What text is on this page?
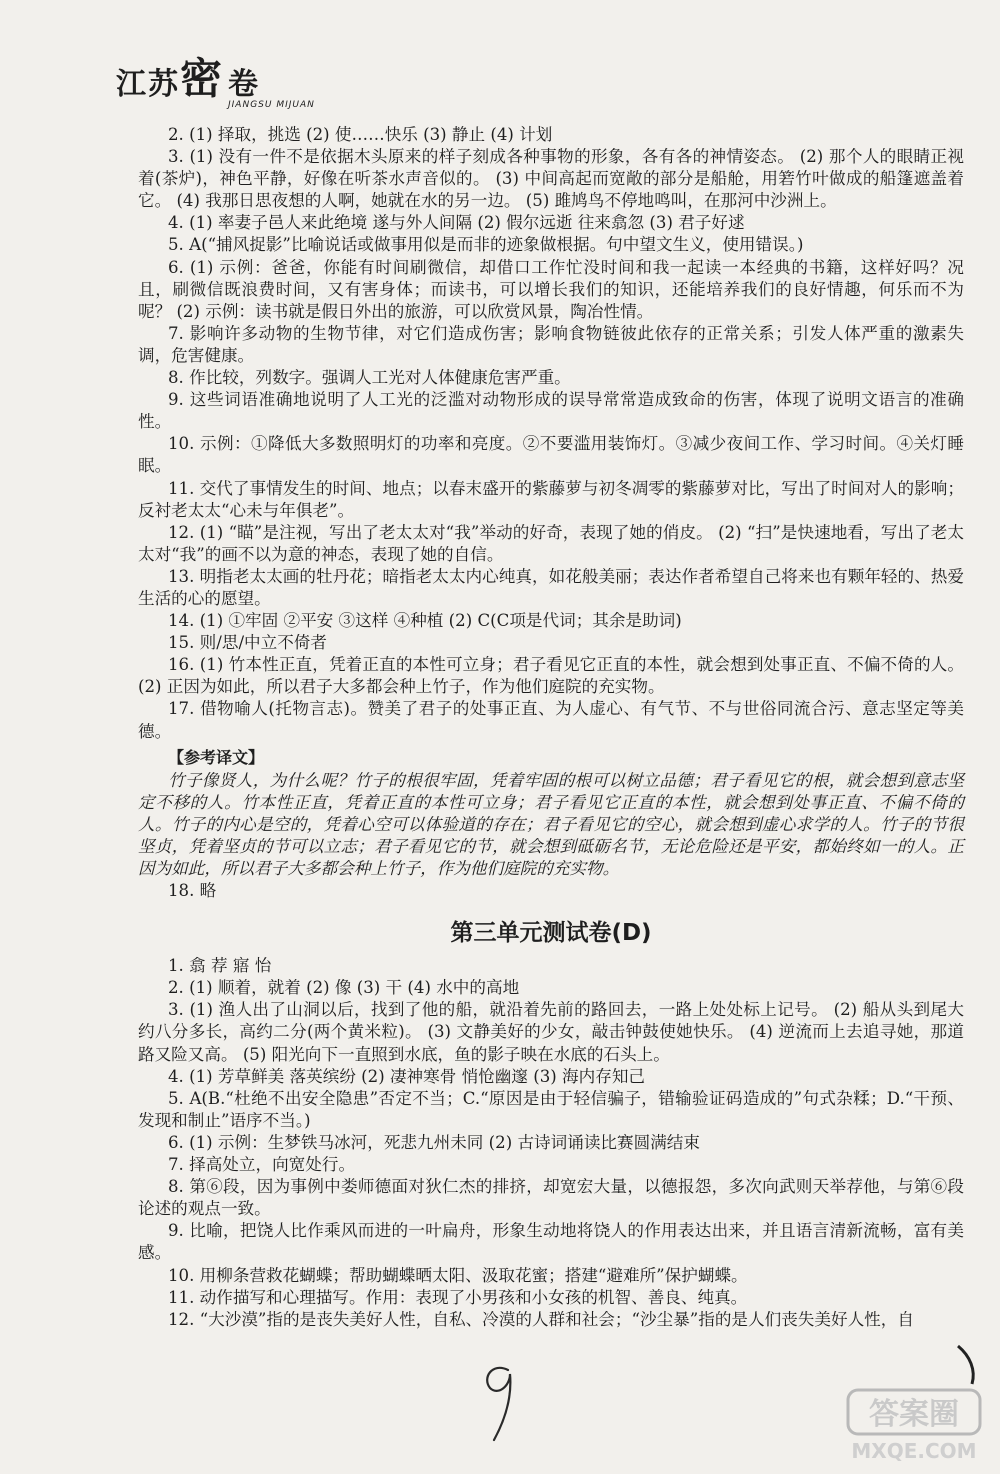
江苏 密 卷
JIANGSU MIJUAN

2. (1) 择取，挑选 (2) 使……快乐 (3) 静止 (4) 计划

3. (1) 没有一件不是依据木头原来的样子刻成各种事物的形象，各有各的神情姿态。 (2) 那个人的眼睛正视着(茶炉)，神色平静，好像在听茶水声音似的。 (3) 中间高起而宽敞的部分是船舱，用箬竹叶做成的船篷遮盖着它。 (4) 我那日思夜想的人啊，她就在水的另一边。 (5) 雎鸠鸟不停地鸣叫，在那河中沙洲上。

4. (1) 率妻子邑人来此绝境 遂与外人间隔 (2) 假尔远逝 往来翕忽 (3) 君子好逑

5. A(“捕风捉影”比喻说话或做事用似是而非的迹象做根据。句中望文生义，使用错误。)

6. (1) 示例：爸爸，你能有时间刷微信，却借口工作忙没时间和我一起读一本经典的书籍，这样好吗？况且，刷微信既浪费时间，又有害身体；而读书，可以增长我们的知识，还能培养我们的良好情趣，何乐而不为呢？ (2) 示例：读书就是假日外出的旅游，可以欣赏风景，陶冶性情。

7. 影响许多动物的生物节律，对它们造成伤害；影响食物链彼此依存的正常关系；引发人体严重的激素失调，危害健康。

8. 作比较，列数字。强调人工光对人体健康危害严重。

9. 这些词语准确地说明了人工光的泛滥对动物形成的误导常常造成致命的伤害，体现了说明文语言的准确性。

10. 示例：①降低大多数照明灯的功率和亮度。②不要滥用装饰灯。③减少夜间工作、学习时间。④关灯睡眠。

11. 交代了事情发生的时间、地点；以春末盛开的紫藤萝与初冬凋零的紫藤萝对比，写出了时间对人的影响；反衬老太太“心未与年俱老”。

12. (1) “瞄”是注视，写出了老太太对“我”举动的好奇，表现了她的俏皮。 (2) “扫”是快速地看，写出了老太太对“我”的画不以为意的神态，表现了她的自信。

13. 明指老太太画的牡丹花；暗指老太太内心纯真，如花般美丽；表达作者希望自己将来也有颗年轻的、热爱生活的心的愿望。

14. (1) ①牢固 ②平安 ③这样 ④种植 (2) C(C项是代词；其余是助词)

15. 则/思/中立不倚者

16. (1) 竹本性正直，凭着正直的本性可立身；君子看见它正直的本性，就会想到处事正直、不偏不倚的人。 (2) 正因为如此，所以君子大多都会种上竹子，作为他们庭院的充实物。

17. 借物喻人(托物言志)。赞美了君子的处事正直、为人虚心、有气节、不与世俗同流合污、意志坚定等美德。

【参考译文】

竹子像贤人，为什么呢？竹子的根很牢固，凭着牢固的根可以树立品德；君子看见它的根，就会想到意志坚定不移的人。竹本性正直，凭着正直的本性可立身；君子看见它正直的本性，就会想到处事正直、不偏不倚的人。竹子的内心是空的，凭着心空可以体验道的存在；君子看见它的空心，就会想到虚心求学的人。竹子的节很坚贞，凭着坚贞的节可以立志；君子看见它的节，就会想到砥砺名节，无论危险还是平安，都始终如一的人。正因为如此，所以君子大多都会种上竹子，作为他们庭院的充实物。

18. 略

第三单元测试卷(D)

1. 翕 荐 寤 怡

2. (1) 顺着，就着 (2) 像 (3) 干 (4) 水中的高地

3. (1) 渔人出了山洞以后，找到了他的船，就沿着先前的路回去，一路上处处标上记号。 (2) 船从头到尾大约八分多长，高约二分(两个黄米粒)。 (3) 文静美好的少女，敲击钟鼓使她快乐。 (4) 逆流而上去追寻她，那道路又险又高。 (5) 阳光向下一直照到水底，鱼的影子映在水底的石头上。

4. (1) 芳草鲜美 落英缤纷 (2) 凄神寒骨 悄怆幽邃 (3) 海内存知己

5. A(B.“杜绝不出安全隐患”否定不当；C.“原因是由于轻信骗子，错输验证码造成的”句式杂糅；D.“干预、发现和制止”语序不当。)

6. (1) 示例：生梦铁马冰河，死悲九州未同 (2) 古诗词诵读比赛圆满结束

7. 择高处立，向宽处行。

8. 第⑥段，因为事例中娄师德面对狄仁杰的排挤，却宽宏大量，以德报怨，多次向武则天举荐他，与第⑥段论述的观点一致。

9. 比喻，把饶人比作乘风而进的一叶扁舟，形象生动地将饶人的作用表达出来，并且语言清新流畅，富有美感。

10. 用柳条营救花蝴蝶；帮助蝴蝶晒太阳、汲取花蜜；搭建“避难所”保护蝴蝶。

11. 动作描写和心理描写。作用：表现了小男孩和小女孩的机智、善良、纯真。

12. “大沙漠”指的是丧失美好人性，自私、冷漠的人群和社会；“沙尘暴”指的是人们丧失美好人性，自

答案圈
MXQE.COM
